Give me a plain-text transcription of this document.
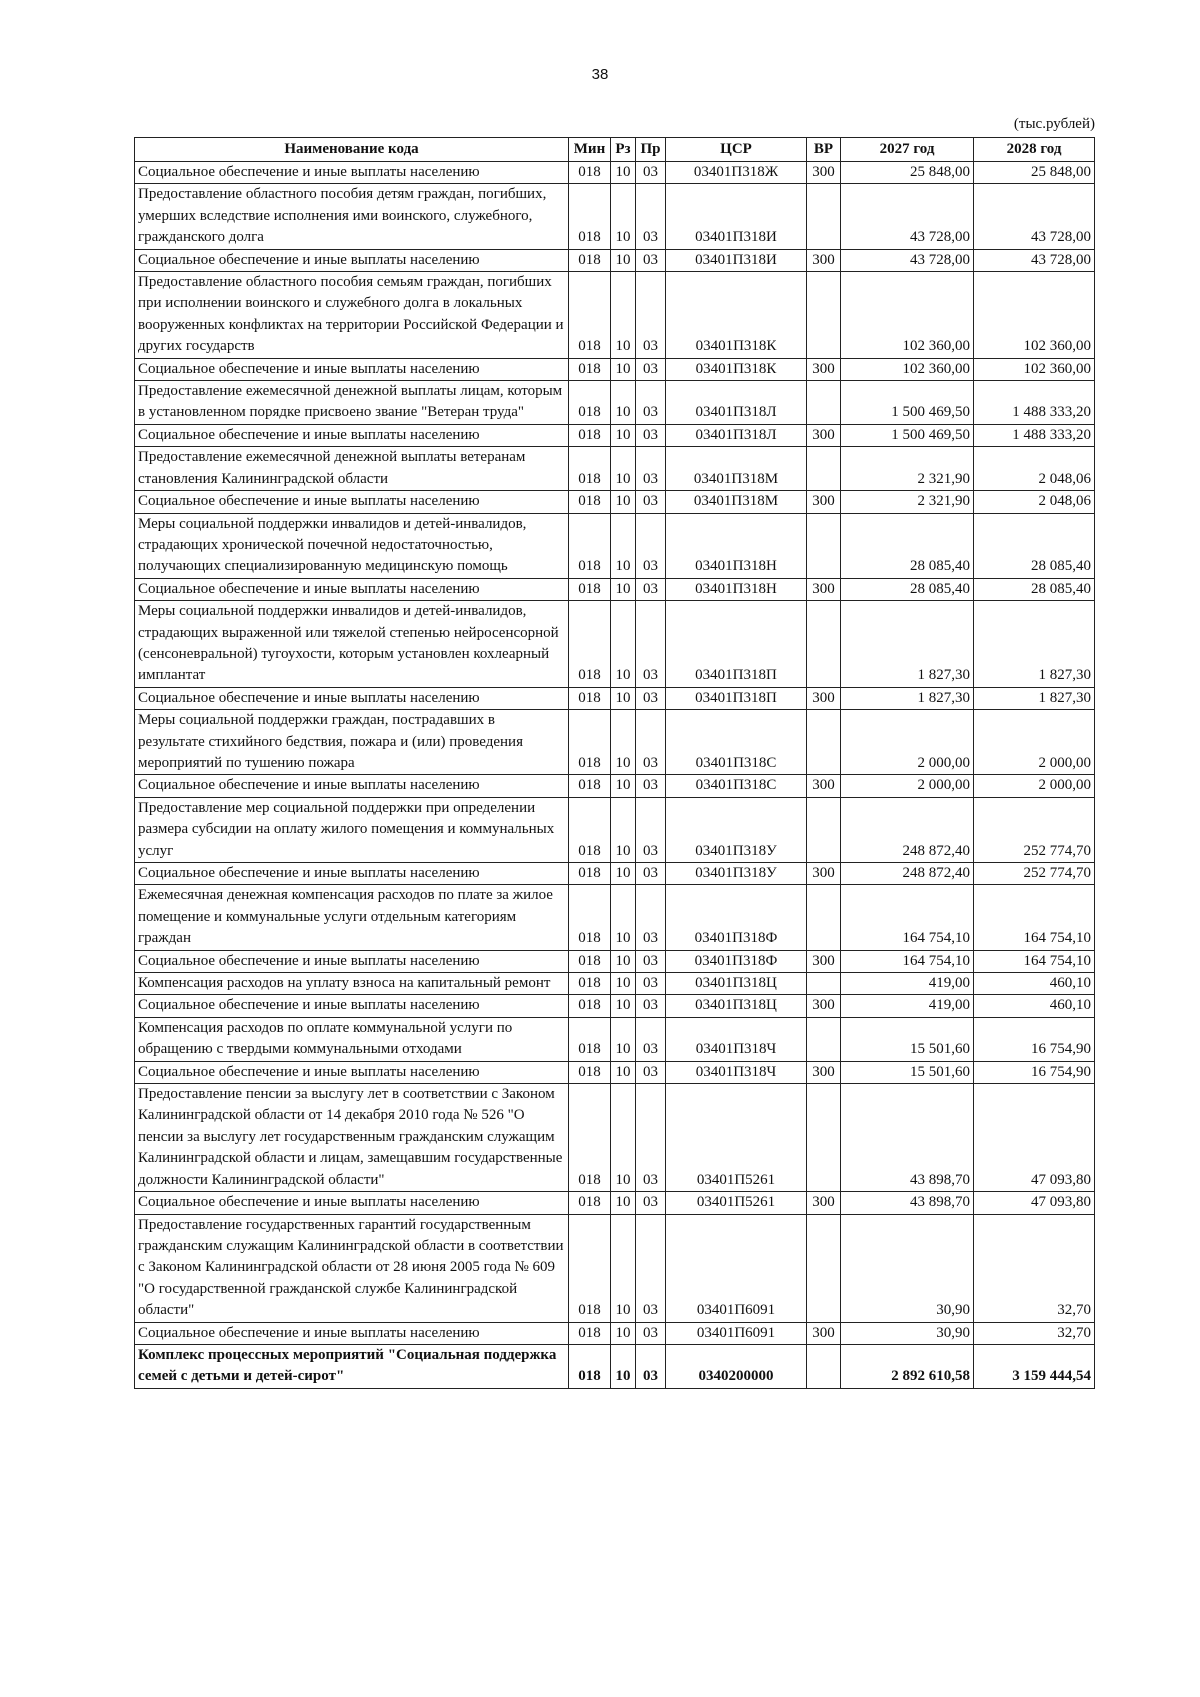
38
(тыс.рублей)
Наименование кода	Мин	Рз	Пр	ЦСР	ВР	2027 год	2028 год
Социальное обеспечение и иные выплаты населению	018	10	03	03401П318Ж	300	25 848,00	25 848,00
Предоставление областного пособия детям граждан, погибших, умерших вследствие исполнения ими воинского, служебного, гражданского долга	018	10	03	03401П318И		43 728,00	43 728,00
Социальное обеспечение и иные выплаты населению	018	10	03	03401П318И	300	43 728,00	43 728,00
Предоставление областного пособия семьям граждан, погибших при исполнении воинского и служебного долга в локальных вооруженных конфликтах на территории Российской Федерации и других государств	018	10	03	03401П318К		102 360,00	102 360,00
Социальное обеспечение и иные выплаты населению	018	10	03	03401П318К	300	102 360,00	102 360,00
Предоставление ежемесячной денежной выплаты лицам, которым в установленном порядке присвоено звание "Ветеран труда"	018	10	03	03401П318Л		1 500 469,50	1 488 333,20
Социальное обеспечение и иные выплаты населению	018	10	03	03401П318Л	300	1 500 469,50	1 488 333,20
Предоставление ежемесячной денежной выплаты ветеранам становления Калининградской области	018	10	03	03401П318М		2 321,90	2 048,06
Социальное обеспечение и иные выплаты населению	018	10	03	03401П318М	300	2 321,90	2 048,06
Меры социальной поддержки инвалидов и детей-инвалидов, страдающих хронической почечной недостаточностью, получающих специализированную медицинскую помощь	018	10	03	03401П318Н		28 085,40	28 085,40
Социальное обеспечение и иные выплаты населению	018	10	03	03401П318Н	300	28 085,40	28 085,40
Меры социальной поддержки инвалидов и детей-инвалидов, страдающих выраженной или тяжелой степенью нейросенсорной (сенсоневральной) тугоухости, которым установлен кохлеарный имплантат	018	10	03	03401П318П		1 827,30	1 827,30
Социальное обеспечение и иные выплаты населению	018	10	03	03401П318П	300	1 827,30	1 827,30
Меры социальной поддержки граждан, пострадавших в результате стихийного бедствия, пожара и (или) проведения мероприятий по тушению пожара	018	10	03	03401П318С		2 000,00	2 000,00
Социальное обеспечение и иные выплаты населению	018	10	03	03401П318С	300	2 000,00	2 000,00
Предоставление мер социальной поддержки при определении размера субсидии на оплату жилого помещения и коммунальных услуг	018	10	03	03401П318У		248 872,40	252 774,70
Социальное обеспечение и иные выплаты населению	018	10	03	03401П318У	300	248 872,40	252 774,70
Ежемесячная денежная компенсация расходов по плате за жилое помещение и коммунальные услуги отдельным категориям граждан	018	10	03	03401П318Ф		164 754,10	164 754,10
Социальное обеспечение и иные выплаты населению	018	10	03	03401П318Ф	300	164 754,10	164 754,10
Компенсация расходов на уплату взноса на капитальный ремонт	018	10	03	03401П318Ц		419,00	460,10
Социальное обеспечение и иные выплаты населению	018	10	03	03401П318Ц	300	419,00	460,10
Компенсация расходов по оплате коммунальной услуги по обращению с твердыми коммунальными отходами	018	10	03	03401П318Ч		15 501,60	16 754,90
Социальное обеспечение и иные выплаты населению	018	10	03	03401П318Ч	300	15 501,60	16 754,90
Предоставление пенсии за выслугу лет в соответствии с Законом Калининградской области от 14 декабря 2010 года № 526 "О пенсии за выслугу лет государственным гражданским служащим Калининградской области и лицам, замещавшим государственные должности Калининградской области"	018	10	03	03401П5261		43 898,70	47 093,80
Социальное обеспечение и иные выплаты населению	018	10	03	03401П5261	300	43 898,70	47 093,80
Предоставление государственных гарантий государственным гражданским служащим Калининградской области в соответствии с Законом Калининградской области от 28 июня 2005 года № 609 "О государственной гражданской службе Калининградской области"	018	10	03	03401П6091		30,90	32,70
Социальное обеспечение и иные выплаты населению	018	10	03	03401П6091	300	30,90	32,70
Комплекс процессных мероприятий "Социальная поддержка семей с детьми и детей-сирот"	018	10	03	0340200000		2 892 610,58	3 159 444,54
